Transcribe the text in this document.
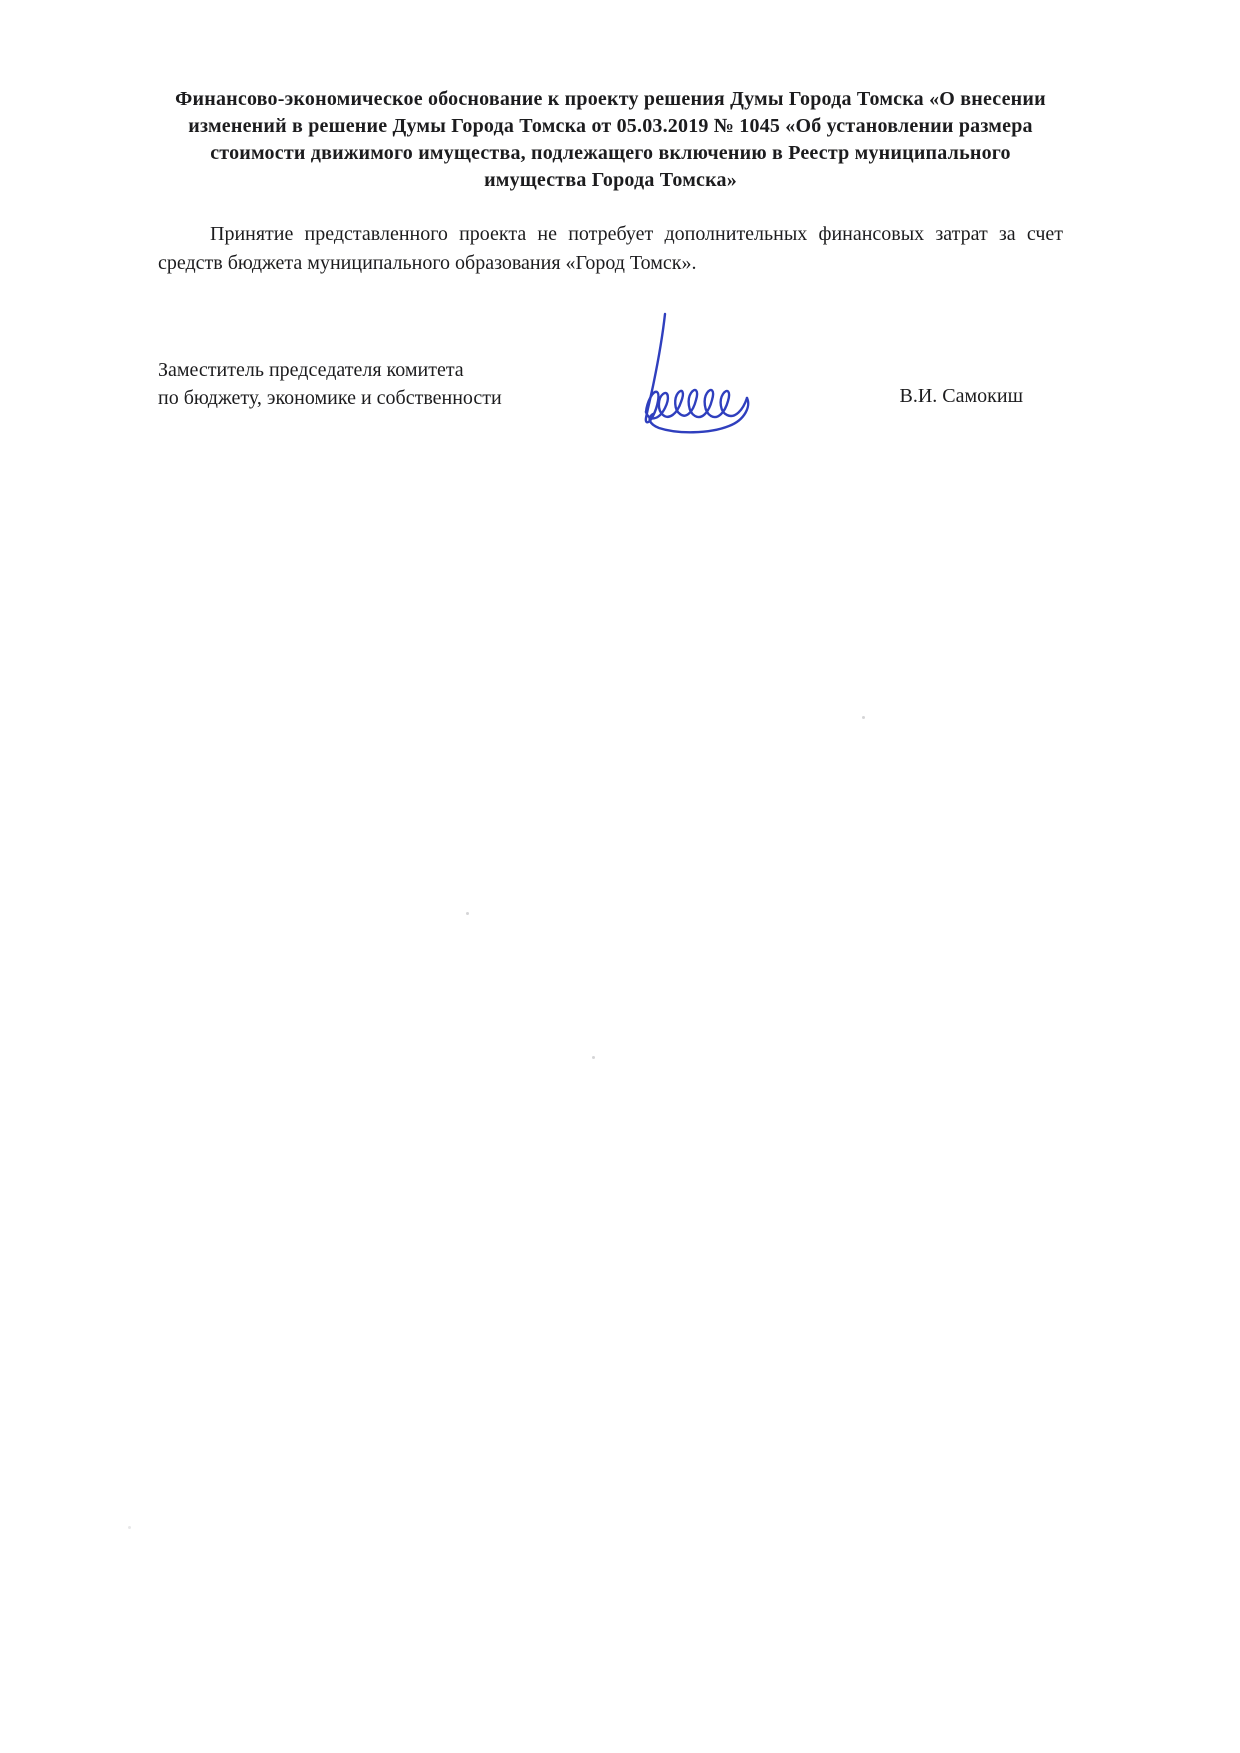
Финансово-экономическое обоснование к проекту решения Думы Города Томска «О внесении изменений в решение Думы Города Томска от 05.03.2019 № 1045 «Об установлении размера стоимости движимого имущества, подлежащего включению в Реестр муниципального имущества Города Томска»
Принятие представленного проекта не потребует дополнительных финансовых затрат за счет средств бюджета муниципального образования «Город Томск».
Заместитель председателя комитета
по бюджету, экономике и собственности	В.И. Самокиш
